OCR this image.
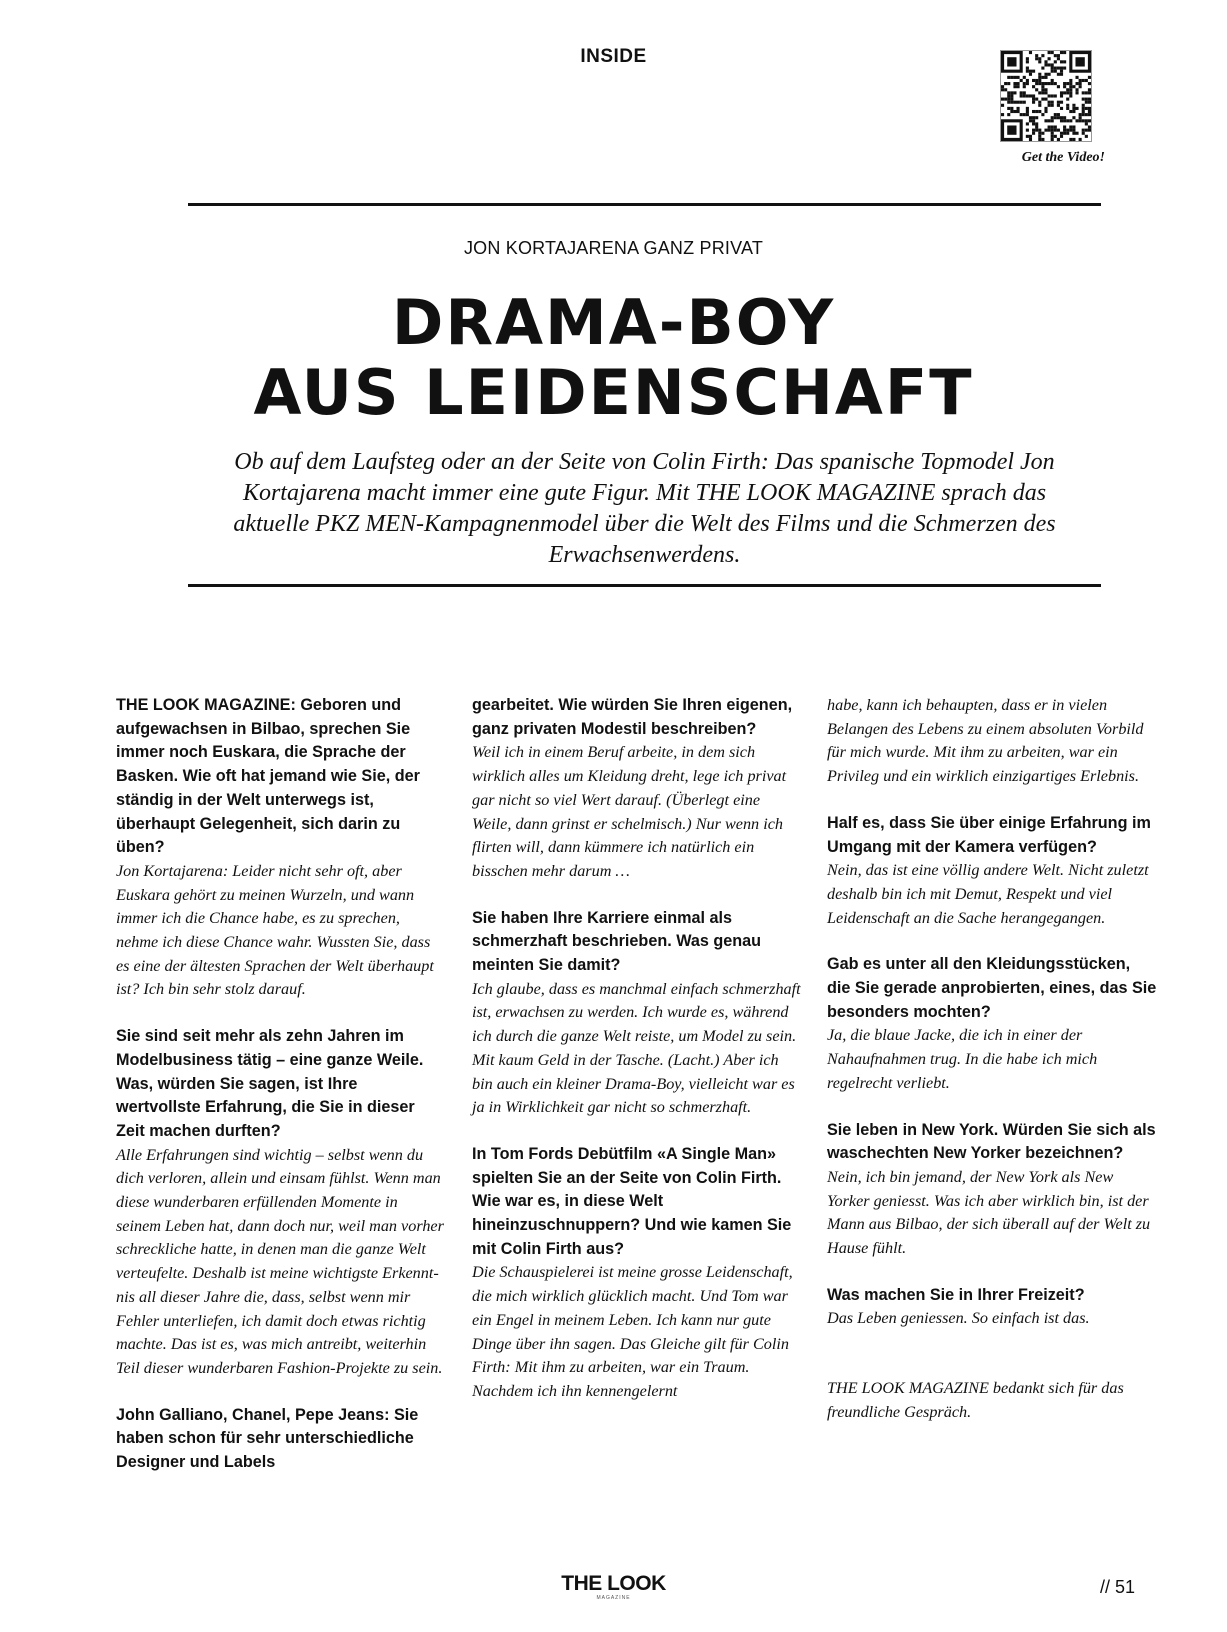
INSIDE
Get the Video!
JON KORTAJARENA GANZ PRIVAT
DRAMA-BOY
AUS LEIDENSCHAFT
Ob auf dem Laufsteg oder an der Seite von Colin Firth: Das spanische Topmodel Jon Kortajarena macht immer eine gute Figur. Mit THE LOOK MAGAZINE sprach das aktuelle PKZ MEN-Kampagnenmodel über die Welt des Films und die Schmerzen des Erwachsenwerdens.

THE LOOK MAGAZINE: Geboren und aufgewachsen in Bilbao, sprechen Sie immer noch Euskara, die Sprache der Basken. Wie oft hat jemand wie Sie, der ständig in der Welt unterwegs ist, überhaupt Gelegenheit, sich darin zu üben?

Jon Kortajarena: Leider nicht sehr oft, aber Euskara gehört zu meinen Wurzeln, und wann immer ich die Chance habe, es zu sprechen, nehme ich diese Chance wahr. Wussten Sie, dass es eine der ältesten Sprachen der Welt überhaupt ist? Ich bin sehr stolz darauf.

Sie sind seit mehr als zehn Jahren im Modelbusiness tätig – eine ganze Weile. Was, würden Sie sagen, ist Ihre wertvollste Erfahrung, die Sie in dieser Zeit machen durften?

Alle Erfahrungen sind wichtig – selbst wenn du dich verloren, allein und einsam fühlst. Wenn man diese wunderbaren erfüllenden Momente in seinem Leben hat, dann doch nur, weil man vorher schreckliche hatte, in denen man die ganze Welt verteufelte. Deshalb ist meine wichtigste Erkenntnis all dieser Jahre die, dass, selbst wenn mir Fehler unterliefen, ich damit doch etwas richtig machte. Das ist es, was mich antreibt, weiterhin Teil dieser wunderbaren Fashion-Projekte zu sein.

John Galliano, Chanel, Pepe Jeans: Sie haben schon für sehr unterschiedliche Designer und Labels

gearbeitet. Wie würden Sie Ihren eigenen, ganz privaten Modestil beschreiben?

Weil ich in einem Beruf arbeite, in dem sich wirklich alles um Kleidung dreht, lege ich privat gar nicht so viel Wert darauf. (Überlegt eine Weile, dann grinst er schelmisch.) Nur wenn ich flirten will, dann kümmere ich natürlich ein bisschen mehr darum …

Sie haben Ihre Karriere einmal als schmerzhaft beschrieben. Was genau meinten Sie damit?

Ich glaube, dass es manchmal einfach schmerzhaft ist, erwachsen zu werden. Ich wurde es, während ich durch die ganze Welt reiste, um Model zu sein. Mit kaum Geld in der Tasche. (Lacht.) Aber ich bin auch ein kleiner Drama-Boy, vielleicht war es ja in Wirklichkeit gar nicht so schmerzhaft.

In Tom Fords Debütfilm «A Single Man» spielten Sie an der Seite von Colin Firth. Wie war es, in diese Welt hineinzuschnuppern? Und wie kamen Sie mit Colin Firth aus?

Die Schauspielerei ist meine grosse Leidenschaft, die mich wirklich glücklich macht. Und Tom war ein Engel in meinem Leben. Ich kann nur gute Dinge über ihn sagen. Das Gleiche gilt für Colin Firth: Mit ihm zu arbeiten, war ein Traum. Nachdem ich ihn kennengelernt

habe, kann ich behaupten, dass er in vielen Belangen des Lebens zu einem absoluten Vorbild für mich wurde. Mit ihm zu arbeiten, war ein Privileg und ein wirklich einzigartiges Erlebnis.

Half es, dass Sie über einige Erfahrung im Umgang mit der Kamera verfügen?

Nein, das ist eine völlig andere Welt. Nicht zuletzt deshalb bin ich mit Demut, Respekt und viel Leidenschaft an die Sache herangegangen.

Gab es unter all den Kleidungsstücken, die Sie gerade anprobierten, eines, das Sie besonders mochten?

Ja, die blaue Jacke, die ich in einer der Nahaufnahmen trug. In die habe ich mich regelrecht verliebt.

Sie leben in New York. Würden Sie sich als waschechten New Yorker bezeichnen?

Nein, ich bin jemand, der New York als New Yorker geniesst. Was ich aber wirklich bin, ist der Mann aus Bilbao, der sich überall auf der Welt zu Hause fühlt.

Was machen Sie in Ihrer Freizeit?

Das Leben geniessen. So einfach ist das.

THE LOOK MAGAZINE bedankt sich für das freundliche Gespräch.

THE LOOK
MAGAZINE
// 51
